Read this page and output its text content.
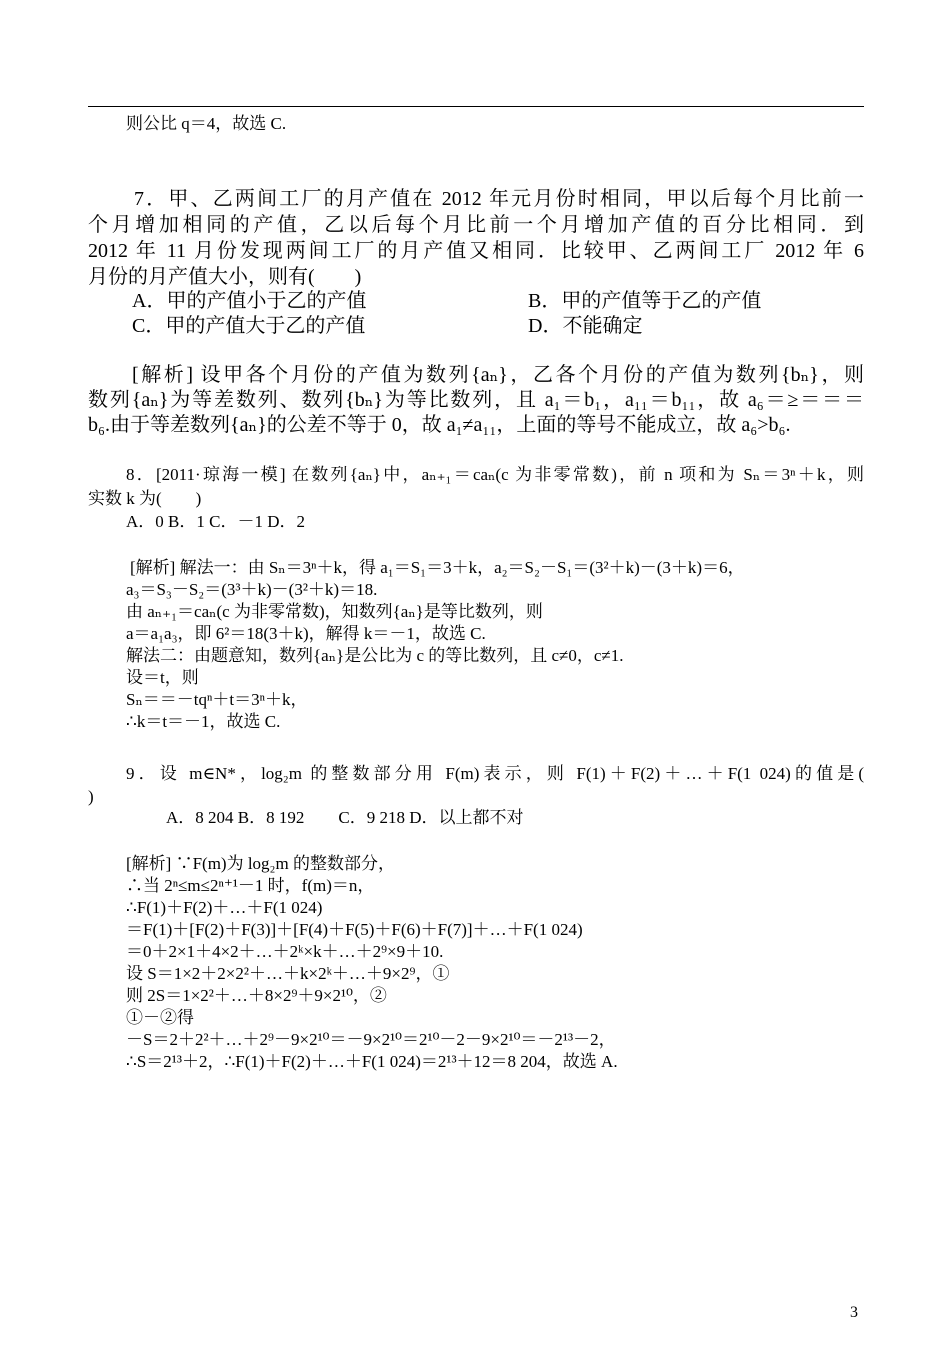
则公比 q＝4，故选 C.
7．甲、乙两间工厂的月产值在 2012 年元月份时相同，甲以后每个月比前一
个月增加相同的产值，乙以后每个月比前一个月增加产值的百分比相同．到
2012 年 11 月份发现两间工厂的月产值又相同．比较甲、乙两间工厂 2012 年 6
月份的月产值大小，则有(　　)
A．甲的产值小于乙的产值	B．甲的产值等于乙的产值
C．甲的产值大于乙的产值	D．不能确定
[解析] 设甲各个月份的产值为数列{aₙ}，乙各个月份的产值为数列{bₙ}，则
数列{aₙ}为等差数列、数列{bₙ}为等比数列，且 a₁＝b₁，a₁₁＝b₁₁，故 a₆＝≥＝＝＝
b₆.由于等差数列{aₙ}的公差不等于 0，故 a₁≠a₁₁，上面的等号不能成立，故 a₆>b₆.
8．[2011·琼海一模] 在数列{aₙ}中，aₙ₊₁＝caₙ(c 为非零常数)，前 n 项和为 Sₙ＝3ⁿ＋k，则
实数 k 为(　　)
A．0 B．1 C．－1 D．2
[解析] 解法一：由 Sₙ＝3ⁿ＋k，得 a₁＝S₁＝3＋k，a₂＝S₂－S₁＝(3²＋k)－(3＋k)＝6，
a₃＝S₃－S₂＝(3³＋k)－(3²＋k)＝18.
由 aₙ₊₁＝caₙ(c 为非零常数)，知数列{aₙ}是等比数列，则
a＝a₁a₃，即 6²＝18(3＋k)，解得 k＝－1，故选 C.
解法二：由题意知，数列{aₙ}是公比为 c 的等比数列，且 c≠0，c≠1.
设＝t，则
Sₙ＝＝－tqⁿ＋t＝3ⁿ＋k，
∴k＝t＝－1，故选 C.
9．设 m∈N*，log₂m 的整数部分用 F(m)表示，则 F(1)＋F(2)＋…＋F(1 024)的值是(
)
A．8 204 B．8 192　　C．9 218 D．以上都不对
[解析] ∵F(m)为 log₂m 的整数部分，
∴当 2ⁿ≤m≤2ⁿ⁺¹－1 时，f(m)＝n，
∴F(1)＋F(2)＋…＋F(1 024)
＝F(1)＋[F(2)＋F(3)]＋[F(4)＋F(5)＋F(6)＋F(7)]＋…＋F(1 024)
＝0＋2×1＋4×2＋…＋2ᵏ×k＋…＋2⁹×9＋10.
设 S＝1×2＋2×2²＋…＋k×2ᵏ＋…＋9×2⁹，①
则 2S＝1×2²＋…＋8×2⁹＋9×2¹⁰，②
①－②得
－S＝2＋2²＋…＋2⁹－9×2¹⁰＝－9×2¹⁰＝2¹⁰－2－9×2¹⁰＝－2¹³－2，
∴S＝2¹³＋2，∴F(1)＋F(2)＋…＋F(1 024)＝2¹³＋12＝8 204，故选 A.
3
